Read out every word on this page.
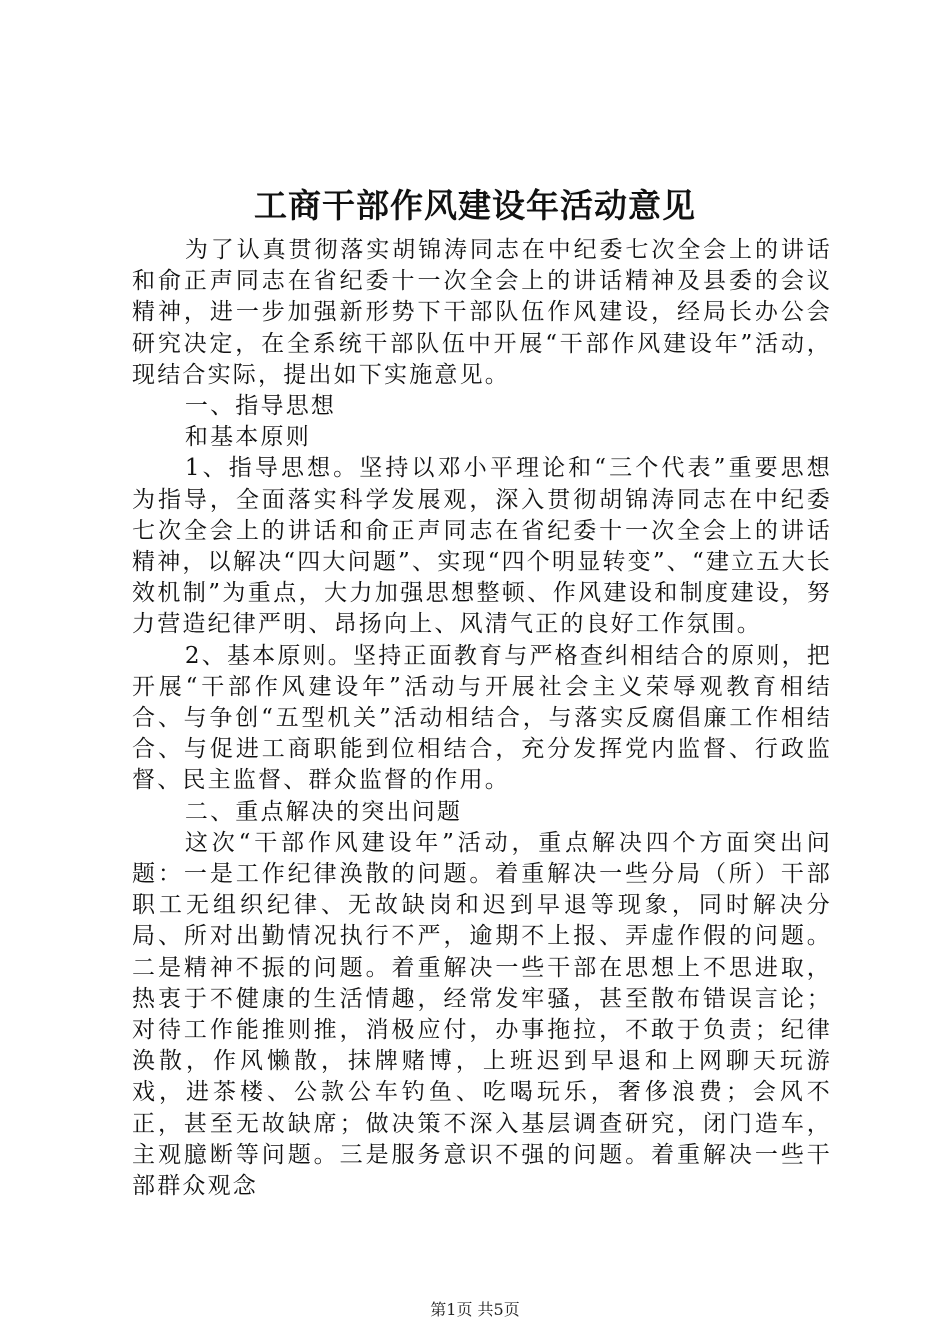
工商干部作风建设年活动意见

为了认真贯彻落实胡锦涛同志在中纪委七次全会上的讲话和俞正声同志在省纪委十一次全会上的讲话精神及县委的会议精神，进一步加强新形势下干部队伍作风建设，经局长办公会研究决定，在全系统干部队伍中开展“干部作风建设年”活动，现结合实际，提出如下实施意见。

一、指导思想

和基本原则

1、指导思想。坚持以邓小平理论和“三个代表”重要思想为指导，全面落实科学发展观，深入贯彻胡锦涛同志在中纪委七次全会上的讲话和俞正声同志在省纪委十一次全会上的讲话精神，以解决“四大问题”、实现“四个明显转变”、“建立五大长效机制”为重点，大力加强思想整顿、作风建设和制度建设，努力营造纪律严明、昂扬向上、风清气正的良好工作氛围。

2、基本原则。坚持正面教育与严格查纠相结合的原则，把开展“干部作风建设年”活动与开展社会主义荣辱观教育相结合、与争创“五型机关”活动相结合，与落实反腐倡廉工作相结合、与促进工商职能到位相结合，充分发挥党内监督、行政监督、民主监督、群众监督的作用。

二、重点解决的突出问题

这次“干部作风建设年”活动，重点解决四个方面突出问题：一是工作纪律涣散的问题。着重解决一些分局（所）干部职工无组织纪律、无故缺岗和迟到早退等现象，同时解决分局、所对出勤情况执行不严，逾期不上报、弄虚作假的问题。二是精神不振的问题。着重解决一些干部在思想上不思进取，热衷于不健康的生活情趣，经常发牢骚，甚至散布错误言论；对待工作能推则推，消极应付，办事拖拉，不敢于负责；纪律涣散，作风懒散，抹牌赌博，上班迟到早退和上网聊天玩游戏，进茶楼、公款公车钓鱼、吃喝玩乐，奢侈浪费；会风不正，甚至无故缺席；做决策不深入基层调查研究，闭门造车，主观臆断等问题。三是服务意识不强的问题。着重解决一些干部群众观念

第1页 共5页
